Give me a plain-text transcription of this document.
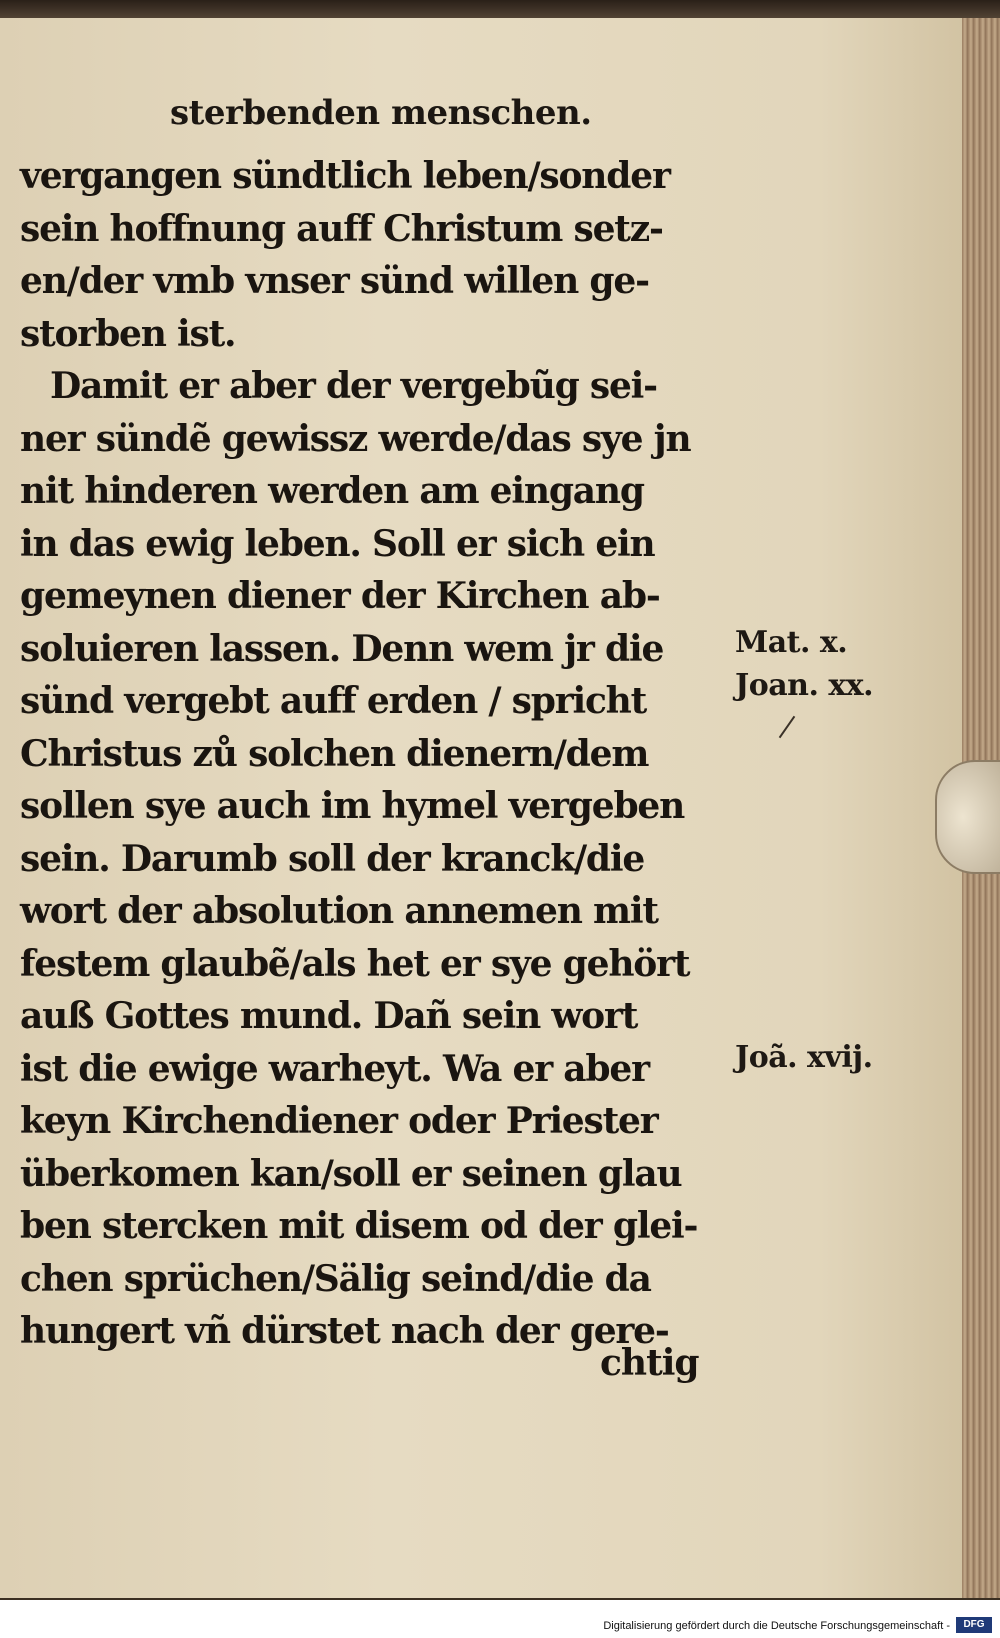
sterbenden menschen.
vergangen sündtlich leben/sonder
sein hoffnung auff Christum setz-
en/der vmb vnser sünd willen ge-
storben ist.
Damit er aber der vergebũg sei-
ner sündẽ gewissz werde/das sye jn
nit hinderen werden am eingang
in das ewig leben. Soll er sich ein
gemeynen diener der Kirchen ab-
soluieren lassen. Denn wem jr die
sünd vergebt auff erden / spricht
Christus zů solchen dienern/dem
sollen sye auch im hymel vergeben
sein. Darumb soll der kranck/die
wort der absolution annemen mit
festem glaubẽ/als het er sye gehört
auß Gottes mund. Dañ sein wort
ist die ewige warheyt. Wa er aber
keyn Kirchendiener oder Priester
überkomen kan/soll er seinen glau
ben stercken mit disem od der glei-
chen sprüchen/Sälig seind/die da
hungert vñ dürstet nach der gere-
chtig
Mat. x.
Joan. xx.
Joã. xvij.
Digitalisierung gefördert durch die Deutsche Forschungsgemeinschaft -	DFG
